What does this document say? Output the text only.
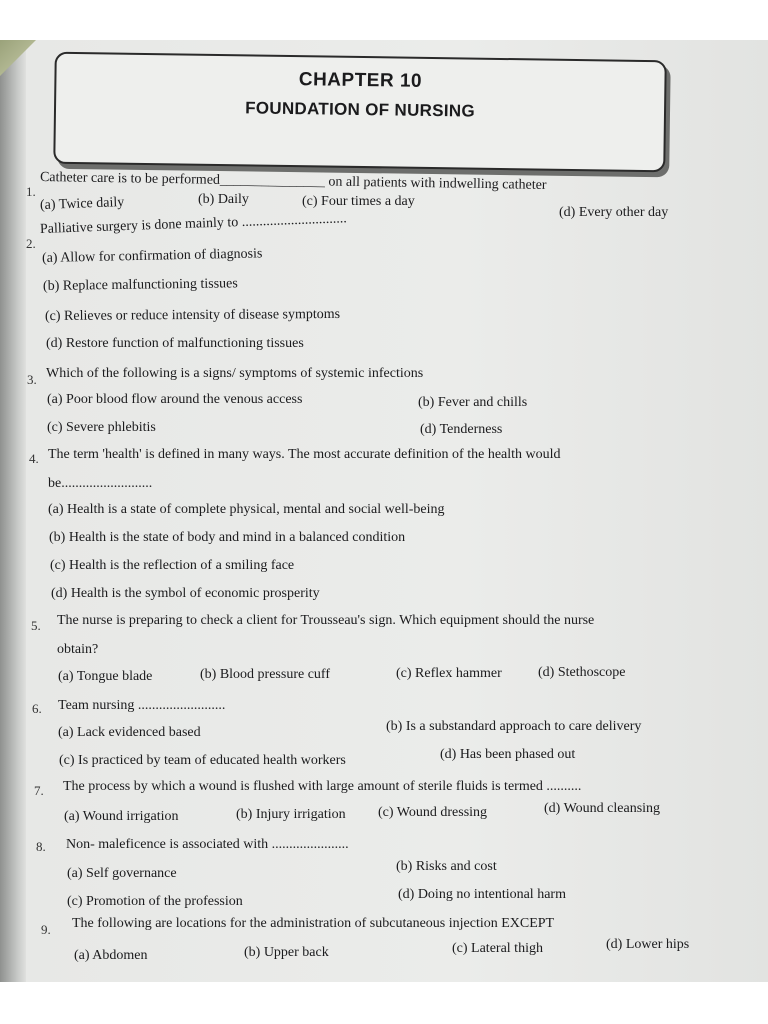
CHAPTER 10
FOUNDATION OF NURSING
Catheter care is to be performed_______________ on all patients with indwelling catheter
(a) Twice daily	(b) Daily	(c) Four times a day
(d) Every other day
2.
Palliative surgery is done mainly to ..............................
(a) Allow for confirmation of diagnosis
(b) Replace malfunctioning tissues
(c) Relieves or reduce intensity of disease symptoms
(d) Restore function of malfunctioning tissues
3. Which of the following is a signs/ symptoms of systemic infections
(a) Poor blood flow around the venous access	(b) Fever and chills
(c) Severe phlebitis	(d) Tenderness
4. The term 'health' is defined in many ways. The most accurate definition of the health would
be..........................
(a) Health is a state of complete physical, mental and social well-being
(b) Health is the state of body and mind in a balanced condition
(c) Health is the reflection of a smiling face
(d) Health is the symbol of economic prosperity
5. The nurse is preparing to check a client for Trousseau's sign. Which equipment should the nurse
obtain?
(a) Tongue blade	(b) Blood pressure cuff	(c) Reflex hammer	(d) Stethoscope
6. Team nursing .........................
(a) Lack evidenced based	(b) Is a substandard approach to care delivery
(c) Is practiced by team of educated health workers	(d) Has been phased out
7. The process by which a wound is flushed with large amount of sterile fluids is termed ..........
(a) Wound irrigation	(b) Injury irrigation (c) Wound dressing	(d) Wound cleansing
8. Non- maleficence is associated with ......................
(a) Self governance	(b) Risks and cost
(c) Promotion of the profession	(d) Doing no intentional harm
9. The following are locations for the administration of subcutaneous injection EXCEPT
(a) Abdomen	(b) Upper back	(c) Lateral thigh	(d) Lower hips
1.
